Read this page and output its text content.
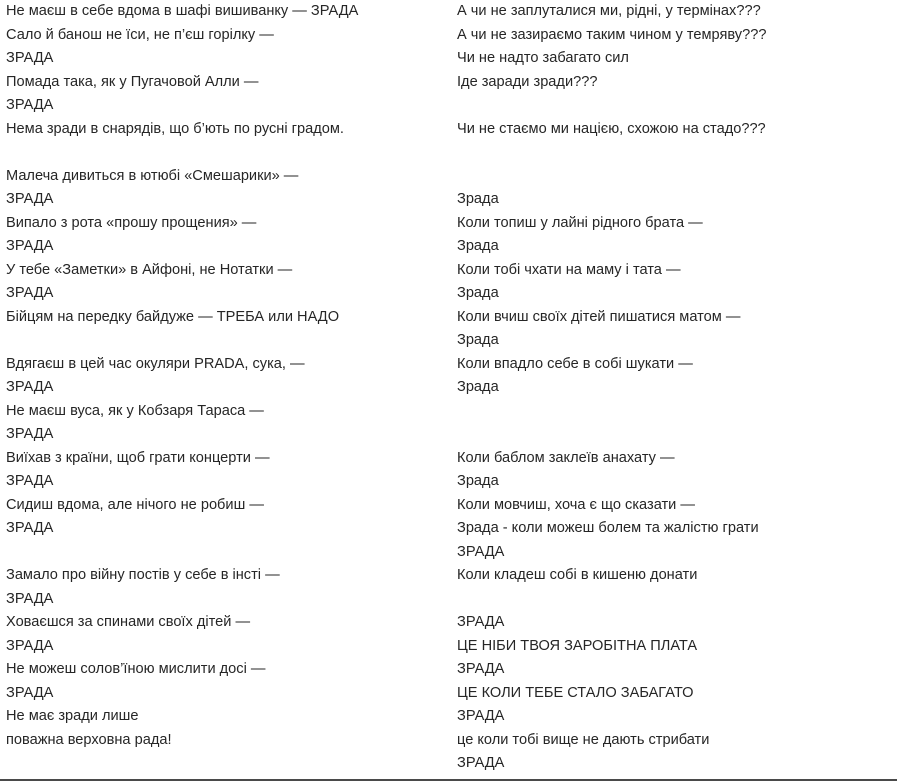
Не маєш в себе вдома в шафі вишиванку — ЗРАДА
Сало й банош не їси, не п’єш горілку —
ЗРАДА
Помада така, як у Пугачовой Алли —
ЗРАДА
Нема зради в снарядів, що б’ють по русні градом.
Малеча дивиться в ютюбі «Смешарики» —
ЗРАДА
Випало з рота «прошу прощения» —
ЗРАДА
У тебе «Заметки» в Айфоні, не Нотатки —
ЗРАДА
Бійцям на передку байдуже — ТРЕБА или НАДО
Вдягаєш в цей час окуляри PRADA, сука, —
ЗРАДА
Не маєш вуса, як у Кобзаря Тараса —
ЗРАДА
Виїхав з країни, щоб грати концерти —
ЗРАДА
Сидиш вдома, але нічого не робиш —
ЗРАДА
Замало про війну постів у себе в інсті —
ЗРАДА
Ховаєшся за спинами своїх дітей —
ЗРАДА
Не можеш солов’їною мислити досі —
ЗРАДА
Не має зради лише
поважна верховна рада!
А чи не заплуталися ми, рідні, у термінах???
А чи не зазираємо таким чином у темряву???
Чи не надто забагато сил
Іде заради зради???
Чи не стаємо ми нацією, схожою на стадо???
Зрада
Коли топиш у лайні рідного брата —
Зрада
Коли тобі чхати на маму і тата —
Зрада
Коли вчиш своїх дітей пишатися матом —
Зрада
Коли впадло себе в собі шукати —
Зрада
Коли баблом заклеїв анахату —
Зрада
Коли мовчиш, хоча є що сказати —
Зрада - коли можеш болем та жалістю грати
ЗРАДА
Коли кладеш собі в кишеню донати
ЗРАДА
ЦЕ НІБИ ТВОЯ ЗАРОБІТНА ПЛАТА
ЗРАДА
ЦЕ КОЛИ ТЕБЕ СТАЛО ЗАБАГАТО
ЗРАДА
це коли тобі вище не дають стрибати
ЗРАДА
